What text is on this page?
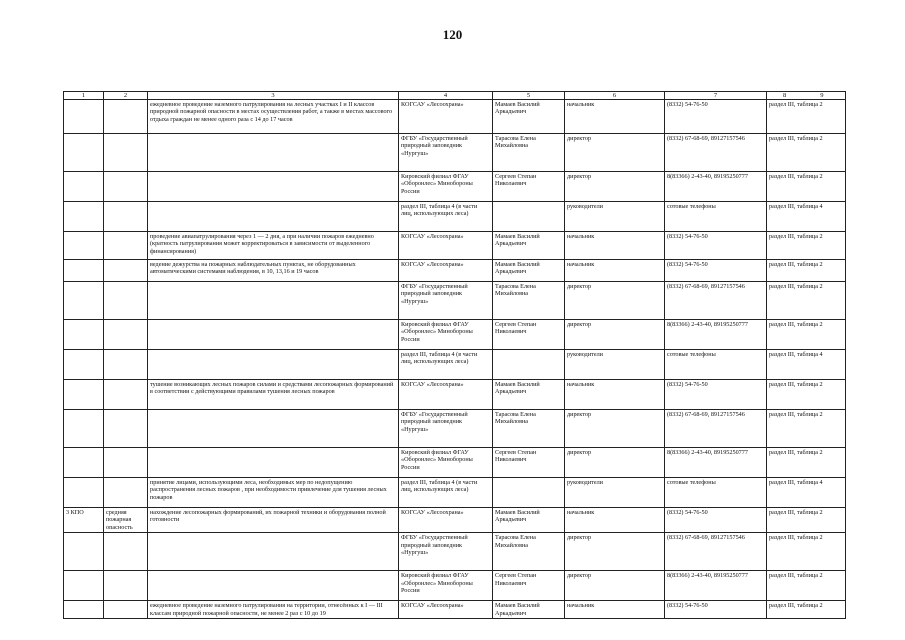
120
1	2	3	4	5	6	7	8 9
		ежедневное проведение наземного патрулирования на лесных участках I и II классов природной пожарной опасности в местах осуществления работ, а также в местах массового отдыха граждан не менее одного раза с 14 до 17 часов	КОГСАУ «Лесоохрана»	Мамаев Василий Аркадьевич	начальник	(8332) 54-76-50	раздел III, таблица 2
			ФГБУ «Государственный природный заповедник «Нургуш»	Тарасова Елена Михайловна	директор	(8332) 67-68-69, 89127157546	раздел III, таблица 2
			Кировский филиал ФГАУ «Оборонлес» Минобороны России	Сергеев Степан Николаевич	директор	8(83366) 2-43-40, 89195250777	раздел III, таблица 2
			раздел III, таблица 4 (в части лиц, использующих леса)		руководители	сотовые телефоны	раздел III, таблица 4
		проведение авиапатрулирования через 1 — 2 дня, а при наличии пожаров ежедневно (кратность патрулирования может корректироваться в зависимости от выделенного финансирования)	КОГСАУ «Лесоохрана»	Мамаев Василий Аркадьевич	начальник	(8332) 54-76-50	раздел III, таблица 2
		ведение дежурства на пожарных наблюдательных пунктах, не оборудованных автоматическими системами наблюдения, в 10, 13,16 и 19 часов	КОГСАУ «Лесоохрана»	Мамаев Василий Аркадьевич	начальник	(8332) 54-76-50	раздел III, таблица 2
			ФГБУ «Государственный природный заповедник «Нургуш»	Тарасова Елена Михайловна	директор	(8332) 67-68-69, 89127157546	раздел III, таблица 2
			Кировский филиал ФГАУ «Оборонлес» Минобороны России	Сергеев Степан Николаевич	директор	8(83366) 2-43-40, 89195250777	раздел III, таблица 2
			раздел III, таблица 4 (в части лиц, использующих леса)		руководители	сотовые телефоны	раздел III, таблица 4
		тушение возникающих лесных пожаров силами и средствами лесопожарных формирований в соответствии с действующими правилами тушения лесных пожаров	КОГСАУ «Лесоохрана»	Мамаев Василий Аркадьевич	начальник	(8332) 54-76-50	раздел III, таблица 2
			ФГБУ «Государственный природный заповедник «Нургуш»	Тарасова Елена Михайловна	директор	(8332) 67-68-69, 89127157546	раздел III, таблица 2
			Кировский филиал ФГАУ «Оборонлес» Минобороны России	Сергеев Степан Николаевич	директор	8(83366) 2-43-40, 89195250777	раздел III, таблица 2
		принятие лицами, использующими леса, необходимых мер по недопущению распространения лесных пожаров , при необходимости привлечение для тушения лесных пожаров	раздел III, таблица 4 (в части лиц, использующих леса)		руководители	сотовые телефоны	раздел III, таблица 4
3 КПО	средняя пожарная опасность	нахождение лесопожарных формирований, их пожарной техники и оборудования полной готовности	КОГСАУ «Лесоохрана»	Мамаев Василий Аркадьевич	начальник	(8332) 54-76-50	раздел III, таблица 2
			ФГБУ «Государственный природный заповедник «Нургуш»	Тарасова Елена Михайловна	директор	(8332) 67-68-69, 89127157546	раздел III, таблица 2
			Кировский филиал ФГАУ «Оборонлес» Минобороны России	Сергеев Степан Николаевич	директор	8(83366) 2-43-40, 89195250777	раздел III, таблица 2
		ежедневное проведение наземного патрулирования на территории, отнесённых к I — III классам природной пожарной опасности, не менее 2 раз с 10 до 19	КОГСАУ «Лесоохрана»	Мамаев Василий Аркадьевич	начальник	(8332) 54-76-50	раздел III, таблица 2
